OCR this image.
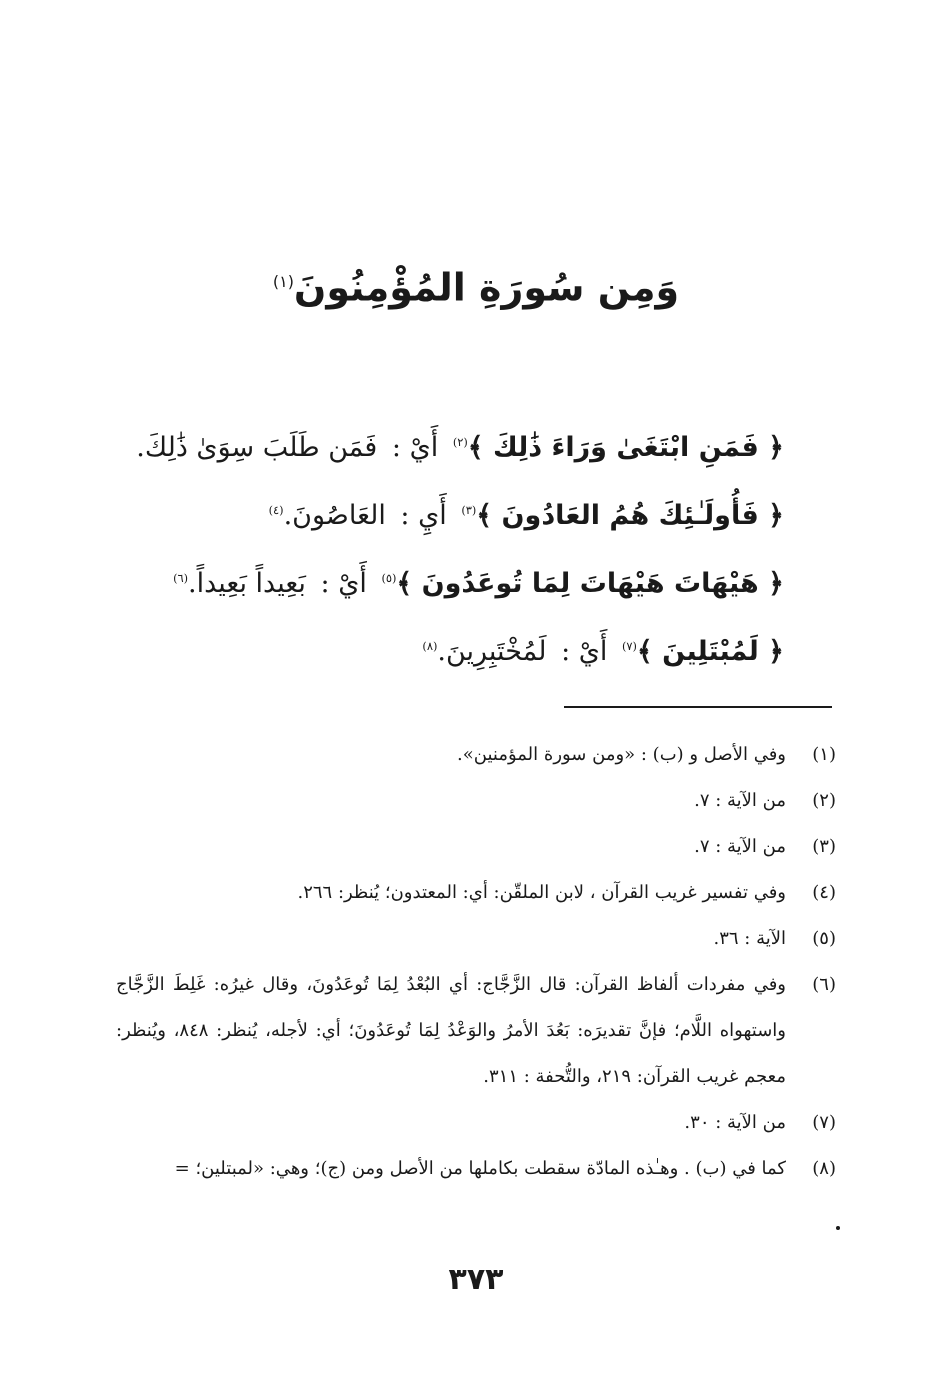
وَمِن سُورَةِ المُؤْمِنُونَ$^{(١)}$
﴿ فَمَنِ ابْتَغَىٰ وَرَاءَ ذَٰلِكَ ﴾$^{(٢)}$ أَيْ : فَمَن طَلَبَ سِوَىٰ ذَٰلِكَ.
﴿ فَأُولَـٰئِكَ هُمُ العَادُونَ ﴾$^{(٣)}$ أَيِ : العَاصُونَ.$^{(٤)}$
﴿ هَيْهَاتَ هَيْهَاتَ لِمَا تُوعَدُونَ ﴾$^{(٥)}$ أَيْ : بَعِيداً بَعِيداً.$^{(٦)}$
﴿ لَمُبْتَلِينَ ﴾$^{(٧)}$ أَيْ : لَمُخْتَبِرِينَ.$^{(٨)}$
(١)
وفي الأصل و (ب) : «ومن سورة المؤمنين».
(٢)
من الآية : ٧.
(٣)
من الآية : ٧.
(٤)
وفي تفسير غريب القرآن ، لابن الملقّن: أي: المعتدون؛ يُنظر: ٢٦٦.
(٥)
الآية : ٣٦.
(٦)
وفي مفردات ألفاظ القرآن: قال الزَّجَّاج: أي البُعْدُ لِمَا تُوعَدُونَ، وقال غيرُه: غَلِطَ الزَّجَّاج واستهواه اللَّام؛ فإنَّ تقديرَه: بَعُدَ الأمرُ والوَعْدُ لِمَا تُوعَدُونَ؛ أي: لأجله، يُنظر: ٨٤٨، ويُنظر: معجم غريب القرآن: ٢١٩، والتُّحفة : ٣١١.
(٧)
من الآية : ٣٠.
(٨)
كما في (ب) . وهـٰذه المادّة سقطت بكاملها من الأصل ومن (ج)؛ وهي: «لمبتلين؛ =
٣٧٣
